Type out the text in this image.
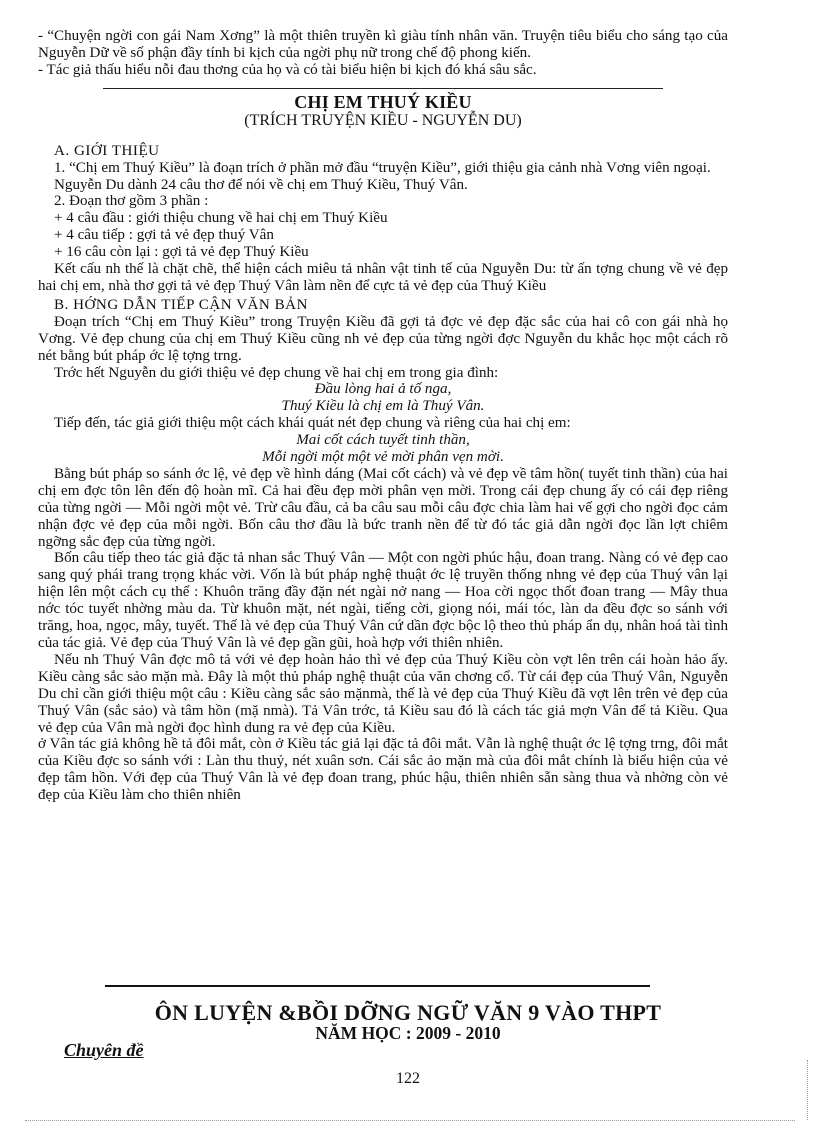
- “Chuyện ngời con gái Nam Xơng” là một thiên truyền kì giàu tính nhân văn. Truyện tiêu biểu cho sáng tạo của Nguyễn Dữ về số phận đầy tính bi kịch của ngời phụ nữ trong chế độ phong kiến.

- Tác giả thấu hiểu nỗi đau thơng của họ và có tài biểu hiện bi kịch đó khá sâu sắc.

CHỊ EM THUÝ KIỀU
(TRÍCH TRUYỆN KIỀU - NGUYỄN DU)
A. GIỚI THIỆU

1. “Chị em Thuý Kiều” là đoạn trích ở phần mở đầu “truyện Kiều”, giới thiệu gia cảnh nhà Vơng viên ngoại.

Nguyễn Du dành 24 câu thơ để nói về chị em Thuý Kiều, Thuý Vân.

2. Đoạn thơ gồm 3 phần :

+ 4 câu đầu : giới thiệu chung về hai chị em Thuý Kiều

+ 4 câu tiếp : gợi tả vẻ đẹp thuý Vân

+ 16 câu còn lại : gợi tả vẻ đẹp Thuý Kiều

Kết cấu nh thế là chặt chẽ, thể hiện cách miêu tả nhân vật tinh tế của Nguyễn Du: từ ấn tợng chung về vẻ đẹp hai chị em, nhà thơ gợi tả vẻ đẹp Thuý Vân làm nền để cực tả vẻ đẹp của Thuý Kiều

B. HỚNG DẪN TIẾP CẬN VĂN BẢN

Đoạn trích “Chị em Thuý Kiều” trong Truyện Kiều đã gợi tả đợc vẻ đẹp đặc sắc của hai cô con gái nhà họ Vơng. Vẻ đẹp chung của chị em Thuý Kiều cũng nh vẻ đẹp của từng ngời đợc Nguyễn du khắc học một cách rõ nét bằng bút pháp ớc lệ tợng trng.

Trớc hết Nguyễn du giới thiệu vẻ đẹp chung về hai chị em trong gia đình:

Đầu lòng hai ả tố nga,

Thuý Kiều là chị em là Thuý Vân.

Tiếp đến, tác giả giới thiệu một cách khái quát nét đẹp chung và riêng của hai chị em:

Mai cốt cách tuyết tinh thần,

Mỗi ngời một một vẻ mời phân vẹn mời.

Bằng bút pháp so sánh ớc lệ, vẻ đẹp về hình dáng (Mai cốt cách) và vẻ đẹp về tâm hồn( tuyết tinh thần) của hai chị em đợc tôn lên đến độ hoàn mĩ. Cả hai đều đẹp mời phân vẹn mời. Trong cái đẹp chung ấy có cái đẹp riêng của từng ngời — Mỗi ngời một vẻ. Trừ câu đầu, cả ba câu sau mỗi câu đợc chia làm hai vế gợi cho ngời đọc cảm nhận đợc vẻ đẹp của mỗi ngời. Bốn câu thơ đầu là bức tranh nền để từ đó tác giả dẫn ngời đọc lần lợt chiêm ngỡng sắc đẹp của từng ngời.

Bốn câu tiếp theo tác giả đặc tả nhan sắc Thuý Vân — Một con ngời phúc hậu, đoan trang. Nàng có vẻ đẹp cao sang quý phái trang trọng khác vời. Vốn là bút pháp nghệ thuật ớc lệ truyền thống nhng vẻ đẹp của Thuý vân lại hiện lên một cách cụ thể : Khuôn trăng đầy đặn nét ngài nở nang — Hoa cời ngọc thốt đoan trang — Mây thua nớc tóc tuyết nhờng màu da. Từ khuôn mặt, nét ngài, tiếng cời, giọng nói, mái tóc, làn da đều đợc so sánh với trăng, hoa, ngọc, mây, tuyết. Thế là vẻ đẹp của Thuý Vân cứ dần đợc bộc lộ theo thủ pháp ẩn dụ, nhân hoá tài tình của tác giả. Vẻ đẹp của Thuý Vân là vẻ đẹp gần gũi, hoà hợp với thiên nhiên.

Nếu nh Thuý Vân đợc mô tả với vẻ đẹp hoàn hảo thì vẻ đẹp của Thuý Kiều còn vợt lên trên cái hoàn hảo ấy. Kiều càng sắc sảo mặn mà. Đây là một thủ pháp nghệ thuật của văn chơng cổ. Từ cái đẹp của Thuý Vân, Nguyễn Du chỉ cần giới thiệu một câu : Kiều càng sắc sảo mặnmà, thế là vẻ đẹp của Thuý Kiều đã vợt lên trên vẻ đẹp của Thuý Vân (sắc sảo) và tâm hồn (mặ nmà). Tả Vân trớc, tả Kiều sau đó là cách tác giả mợn Vân để tả Kiều. Qua vẻ đẹp của Vân mà ngời đọc hình dung ra vẻ đẹp của Kiều.

ở Vân tác giả không hề tả đôi mắt, còn ở Kiều tác giả lại đặc tả đôi mắt. Vẫn là nghệ thuật ớc lệ tợng trng, đôi mắt của Kiều đợc so sánh với : Làn thu thuỷ, nét xuân sơn. Cái sắc ảo mặn mà của đôi mắt chính là biểu hiện của vẻ đẹp tâm hồn. Với đẹp của Thuý Vân là vẻ đẹp đoan trang, phúc hậu, thiên nhiên sẵn sàng thua và nhờng còn vẻ đẹp của Kiều làm cho thiên nhiên

ÔN LUYỆN &BỒI DỠNG NGỮ VĂN 9 VÀO THPT
NĂM HỌC : 2009 - 2010
Chuyên đề
122
